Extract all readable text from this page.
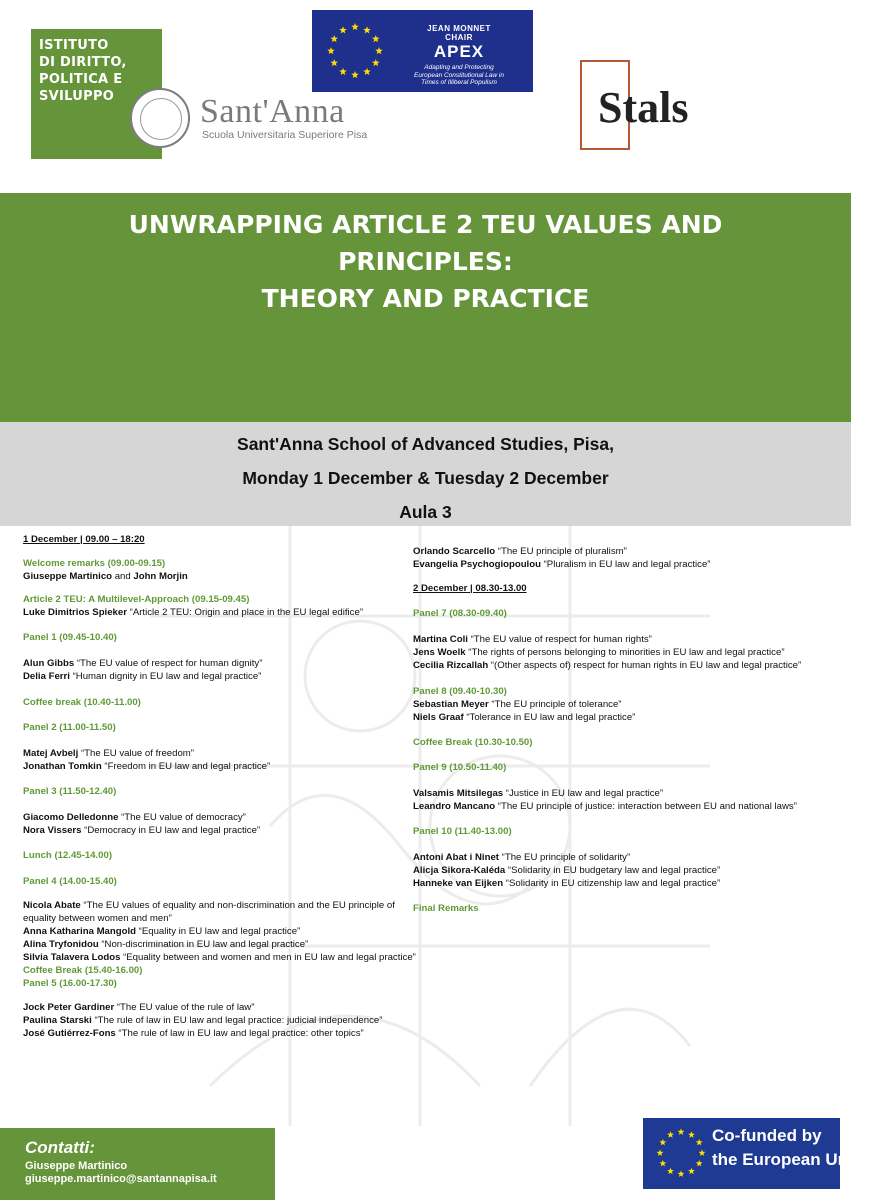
ISTITUTO
DI DIRITTO,
POLITICA E
SVILUPPO	Sant'Anna
Scuola Universitaria Superiore Pisa
JEAN MONNET
CHAIR
APEX
Adapting and Protecting
European Constitutional Law in
Times of Illiberal Populism
Stals
UNWRAPPING ARTICLE 2 TEU VALUES AND
PRINCIPLES:
THEORY AND PRACTICE
Sant'Anna School of Advanced Studies, Pisa,
Monday 1 December & Tuesday 2 December
Aula 3
1 December | 09.00 – 18:20
Welcome remarks (09.00-09.15)
Giuseppe Martinico and John Morjin
Article 2 TEU: A Multilevel-Approach (09.15-09.45)
Luke Dimitrios Spieker “Article 2 TEU: Origin and place in the EU legal edifice”
Panel 1 (09.45-10.40)
Alun Gibbs “The EU value of respect for human dignity”
Delia Ferri “Human dignity in EU law and legal practice”
Coffee break (10.40-11.00)
Panel 2 (11.00-11.50)
Matej Avbelj “The EU value of freedom”
Jonathan Tomkin “Freedom in EU law and legal practice”
Panel 3 (11.50-12.40)
Giacomo Delledonne “The EU value of democracy”
Nora Vissers “Democracy in EU law and legal practice”
Lunch (12.45-14.00)
Panel 4 (14.00-15.40)
Nicola Abate “The EU values of equality and non-discrimination and the EU principle of
equality between women and men”
Anna Katharina Mangold “Equality in EU law and legal practice”
Alina Tryfonidou “Non-discrimination in EU law and legal practice”
Silvia Talavera Lodos “Equality between and women and men in EU law and legal practice”
Coffee Break (15.40-16.00)
Panel 5 (16.00-17.30)
Jock Peter Gardiner “The EU value of the rule of law”
Paulina Starski “The rule of law in EU law and legal practice: judicial independence”
José Gutiérrez-Fons “The rule of law in EU law and legal practice: other topics”
Orlando Scarcello “The EU principle of pluralism”
Evangelia Psychogiopoulou “Pluralism in EU law and legal practice”
2 December | 08.30-13.00
Panel 7 (08.30-09.40)
Martina Coli “The EU value of respect for human rights”
Jens Woelk “The rights of persons belonging to minorities in EU law and legal practice”
Cecilia Rizcallah “(Other aspects of) respect for human rights in EU law and legal practice”
Panel 8 (09.40-10.30)
Sebastian Meyer “The EU principle of tolerance”
Niels Graaf “Tolerance in EU law and legal practice”
Coffee Break (10.30-10.50)
Panel 9 (10.50-11.40)
Valsamis Mitsilegas “Justice in EU law and legal practice”
Leandro Mancano “The EU principle of justice: interaction between EU and national laws”
Panel 10 (11.40-13.00)
Antoni Abat i Ninet “The EU principle of solidarity”
Alicja Sikora-Kaléda “Solidarity in EU budgetary law and legal practice”
Hanneke van Eijken “Solidarity in EU citizenship law and legal practice”
Final Remarks
Contatti:
Giuseppe Martinico
giuseppe.martinico@santannapisa.it
Co-funded by
the European Union
